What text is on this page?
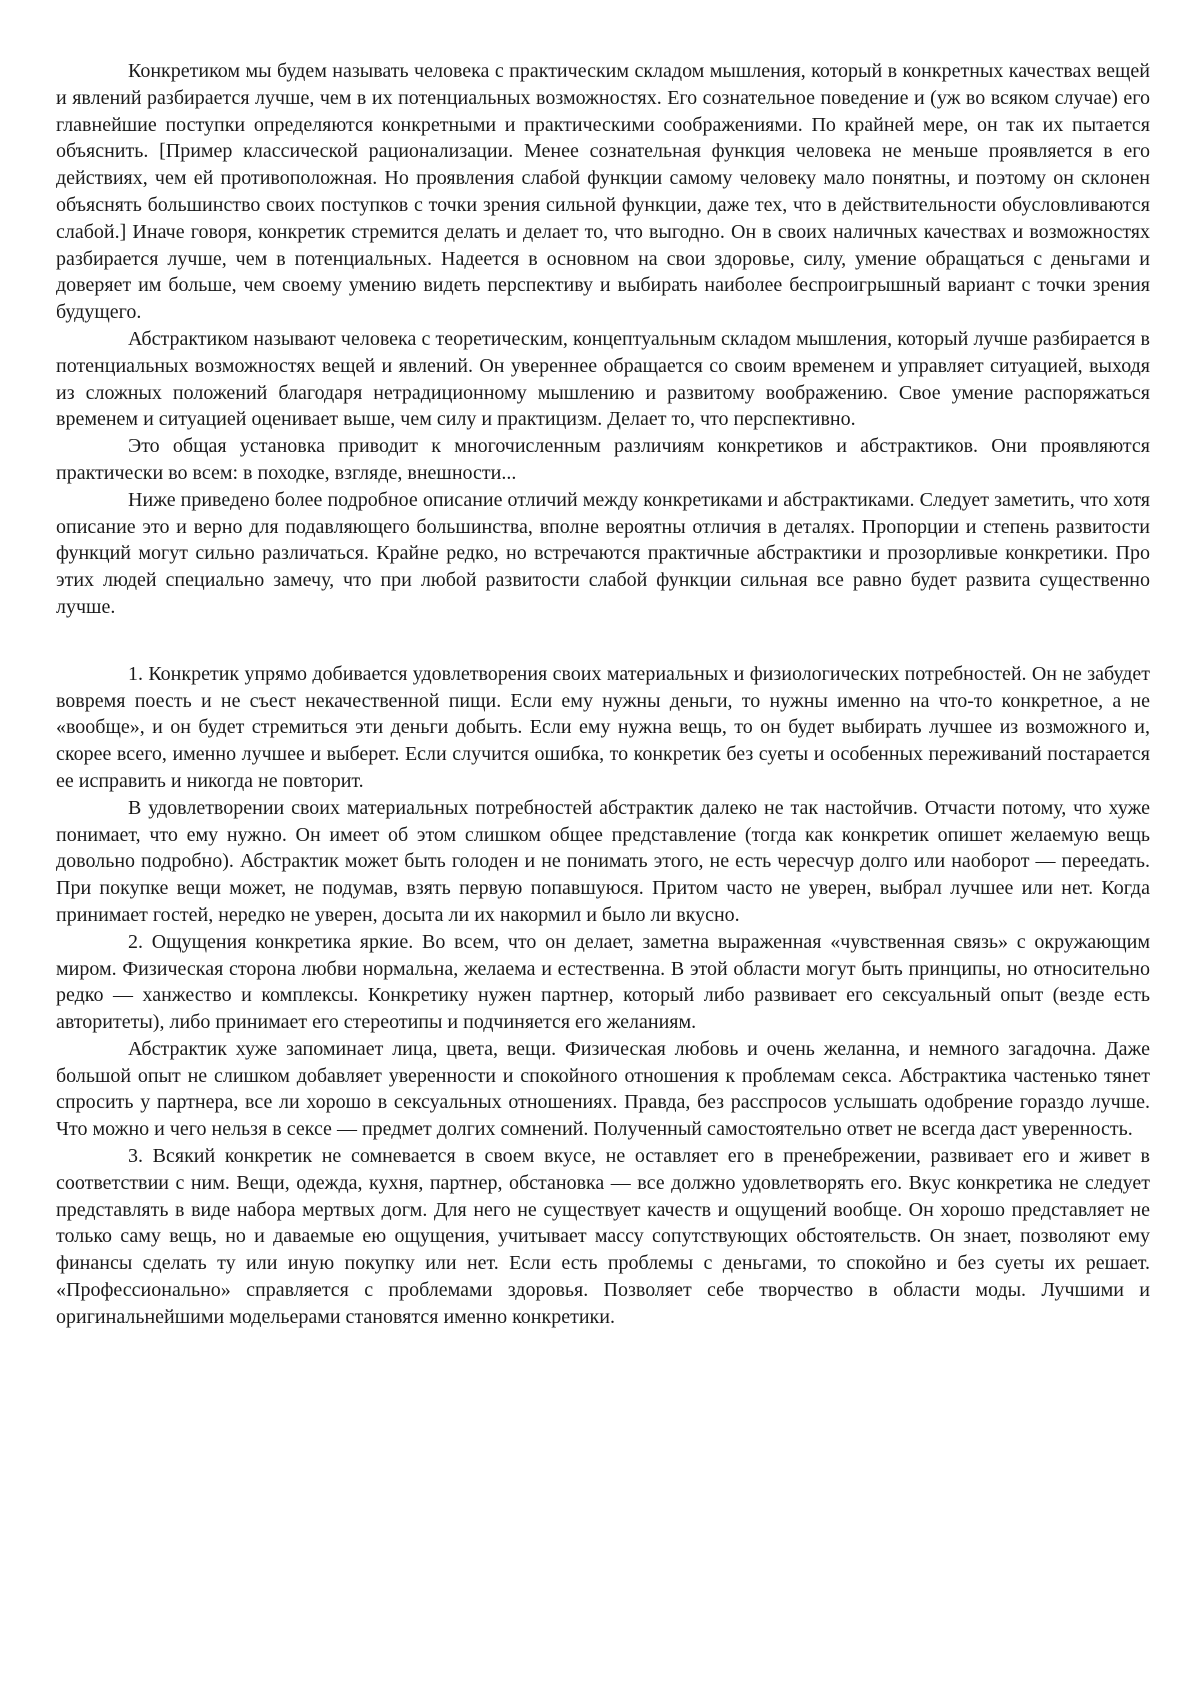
Конкретиком мы будем называть человека с практическим складом мышления, который в конкретных качествах вещей и явлений разбирается лучше, чем в их потенциальных возможностях. Его сознательное поведение и (уж во всяком случае) его главнейшие поступки определяются конкретными и практическими соображениями. По крайней мере, он так их пытается объяснить. [Пример классической рационализации. Менее сознательная функция человека не меньше проявляется в его действиях, чем ей противоположная. Но проявления слабой функции самому человеку мало понятны, и поэтому он склонен объяснять большинство своих поступков с точки зрения сильной функции, даже тех, что в действительности обусловливаются слабой.] Иначе говоря, конкретик стремится делать и делает то, что выгодно. Он в своих наличных качествах и возможностях разбирается лучше, чем в потенциальных. Надеется в основном на свои здоровье, силу, умение обращаться с деньгами и доверяет им больше, чем своему умению видеть перспективу и выбирать наиболее беспроигрышный вариант с точки зрения будущего.

Абстрактиком называют человека с теоретическим, концептуальным складом мышления, который лучше разбирается в потенциальных возможностях вещей и явлений. Он увереннее обращается со своим временем и управляет ситуацией, выходя из сложных положений благодаря нетрадиционному мышлению и развитому воображению. Свое умение распоряжаться временем и ситуацией оценивает выше, чем силу и практицизм. Делает то, что перспективно.

Это общая установка приводит к многочисленным различиям конкретиков и абстрактиков. Они проявляются практически во всем: в походке, взгляде, внешности...

Ниже приведено более подробное описание отличий между конкретиками и абстрактиками. Следует заметить, что хотя описание это и верно для подавляющего большинства, вполне вероятны отличия в деталях. Пропорции и степень развитости функций могут сильно различаться. Крайне редко, но встречаются практичные абстрактики и прозорливые конкретики. Про этих людей специально замечу, что при любой развитости слабой функции сильная все равно будет развита существенно лучше.

1. Конкретик упрямо добивается удовлетворения своих материальных и физиологических потребностей. Он не забудет вовремя поесть и не съест некачественной пищи. Если ему нужны деньги, то нужны именно на что-то конкретное, а не «вообще», и он будет стремиться эти деньги добыть. Если ему нужна вещь, то он будет выбирать лучшее из возможного и, скорее всего, именно лучшее и выберет. Если случится ошибка, то конкретик без суеты и особенных переживаний постарается ее исправить и никогда не повторит.

В удовлетворении своих материальных потребностей абстрактик далеко не так настойчив. Отчасти потому, что хуже понимает, что ему нужно. Он имеет об этом слишком общее представление (тогда как конкретик опишет желаемую вещь довольно подробно). Абстрактик может быть голоден и не понимать этого, не есть чересчур долго или наоборот — переедать. При покупке вещи может, не подумав, взять первую попавшуюся. Притом часто не уверен, выбрал лучшее или нет. Когда принимает гостей, нередко не уверен, досыта ли их накормил и было ли вкусно.

2. Ощущения конкретика яркие. Во всем, что он делает, заметна выраженная «чувственная связь» с окружающим миром. Физическая сторона любви нормальна, желаема и естественна. В этой области могут быть принципы, но относительно редко — ханжество и комплексы. Конкретику нужен партнер, который либо развивает его сексуальный опыт (везде есть авторитеты), либо принимает его стереотипы и подчиняется его желаниям.

Абстрактик хуже запоминает лица, цвета, вещи. Физическая любовь и очень желанна, и немного загадочна. Даже большой опыт не слишком добавляет уверенности и спокойного отношения к проблемам секса. Абстрактика частенько тянет спросить у партнера, все ли хорошо в сексуальных отношениях. Правда, без расспросов услышать одобрение гораздо лучше. Что можно и чего нельзя в сексе — предмет долгих сомнений. Полученный самостоятельно ответ не всегда даст уверенность.

3. Всякий конкретик не сомневается в своем вкусе, не оставляет его в пренебрежении, развивает его и живет в соответствии с ним. Вещи, одежда, кухня, партнер, обстановка — все должно удовлетворять его. Вкус конкретика не следует представлять в виде набора мертвых догм. Для него не существует качеств и ощущений вообще. Он хорошо представляет не только саму вещь, но и даваемые ею ощущения, учитывает массу сопутствующих обстоятельств. Он знает, позволяют ему финансы сделать ту или иную покупку или нет. Если есть проблемы с деньгами, то спокойно и без суеты их решает. «Профессионально» справляется с проблемами здоровья. Позволяет себе творчество в области моды. Лучшими и оригинальнейшими модельерами становятся именно конкретики.
